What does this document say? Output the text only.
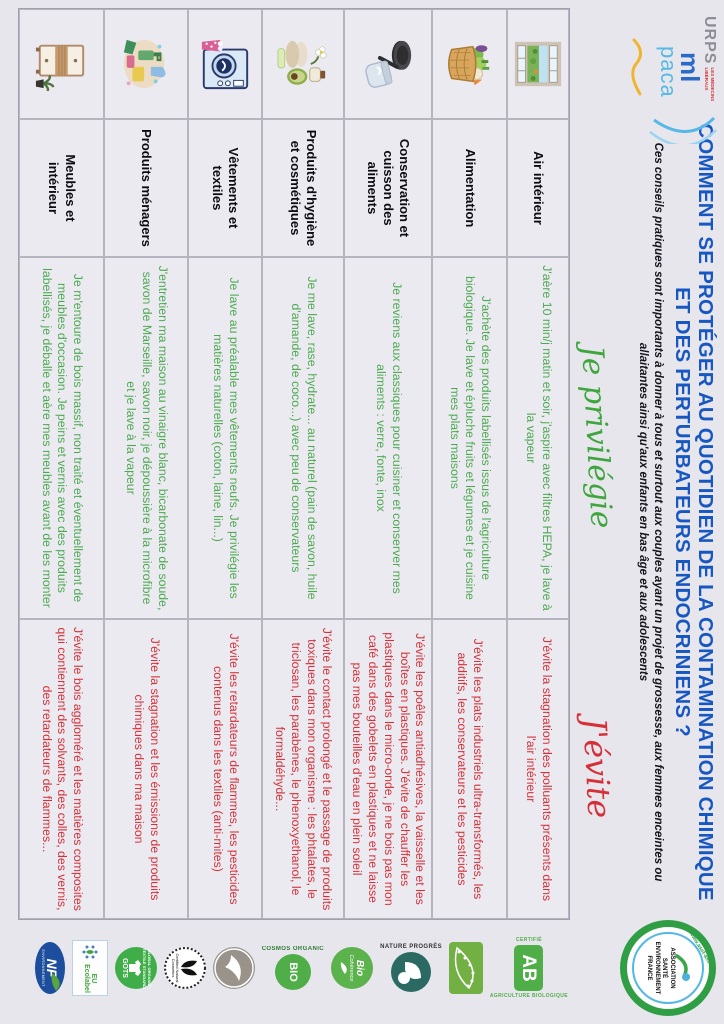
URPS
LES MÉDECINS LIBÉRAUX
ml
paca
COMMENT SE PROTÉGER AU QUOTIDIEN DE LA CONTAMINATION CHIMIQUE
ET DES PERTURBATEURS ENDOCRINIENS ?
Ces conseils pratiques sont importants à donner à tous et surtout aux couples ayant un projet de grossesse, aux femmes enceintes ou allaitantes ainsi qu'aux enfants en bas âge et aux adolescents
www.asef-asso.fr
ASSOCIATION
SANTÉ
ENVIRONNEMENT
FRANCE
Je privilégie
J'évite
Air intérieur
J'aère 10 min/j matin et soir, j'aspire avec filtres HEPA, je lave à la vapeur
J'évite la stagnation des polluants présents dans l'air intérieur
Alimentation
J'achète des produits labellisés issus de l'agriculture biologique. Je lave et épluche fruits et légumes et je cuisine mes plats maisons
J'évite les plats industriels ultra-transformés, les additifs, les conservateurs et les pesticides
Conservation et cuisson des aliments
Je reviens aux classiques pour cuisiner et conserver mes aliments : verre, fonte, inox
J'évite les poêles antiadhésives, la vaisselle et les boîtes en plastiques. J'évite de chauffer les plastiques dans le micro-onde, je ne bois pas mon café dans des gobelets en plastiques et ne laisse pas mes bouteilles d'eau en plein soleil
Produits d'hygiène et cosmétiques
Je me lave, rase, hydrate... au naturel (pain de savon, huile d'amande, de coco...) avec peu de conservateurs
J'évite le contact prolongé et le passage de produits toxiques dans mon organisme : les phtalates, le triclosan, les parabènes, le phenoxyethanol, le formaldéhyde...
Vêtements et textiles
Je lave au préalable mes vêtements neufs. Je privilégie les matières naturelles (coton, laine, lin...)
J'évite les retardateurs de flammes, les pesticides contenus dans les textiles (anti-mites)
Produits ménagers
J'entretien ma maison au vinaigre blanc, bicarbonate de soude, savon de Marseille, savon noir, je dépoussière à la microfibre et je lave à la vapeur
J'évite la stagnation et les émissions de produits chimiques dans ma maison
Meubles et intérieur
Je m'entoure de bois massif, non traité et éventuellement de meubles d'occasion. Je peins et vernis avec des produits labellisés, je déballe et aère mes meubles avant de les monter
J'évite le bois aggloméré et les matières composites qui contiennent des solvants, des colles, des vernis, des retardateurs de flammes...
CERTIFIÉ
AB
AGRICULTURE BIOLOGIQUE
NATURE PROGRÈS
Bio
Cohérence
COSMOS ORGANIC
BIO
Certified Natural Cosmetics
GLOBAL ORGANIC TEXTILE STANDARD
GOTS
EU
Ecolabel
NF
ENVIRONNEMENT
